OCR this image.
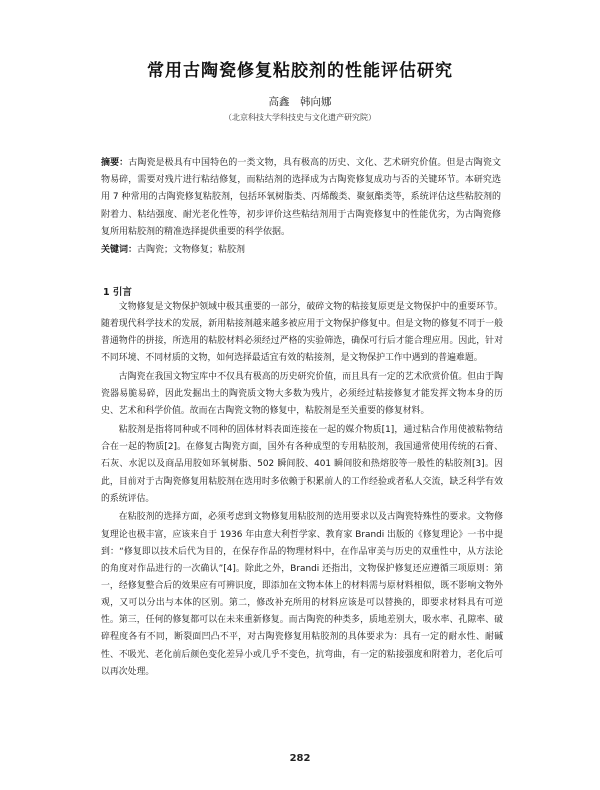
常用古陶瓷修复粘胶剂的性能评估研究
高鑫　韩向娜
（北京科技大学科技史与文化遗产研究院）
摘要：古陶瓷是极具有中国特色的一类文物，具有极高的历史、文化、艺术研究价值。但是古陶瓷文物易碎，需要对残片进行粘结修复，而粘结剂的选择成为古陶瓷修复成功与否的关键环节。本研究选用 7 种常用的古陶瓷修复粘胶剂，包括环氧树脂类、丙烯酸类、聚氨酯类等，系统评估这些粘胶剂的附着力、粘结强度、耐光老化性等，初步评价这些粘结剂用于古陶瓷修复中的性能优劣，为古陶瓷修复所用粘胶剂的精准选择提供重要的科学依据。
关键词：古陶瓷；文物修复；粘胶剂
1 引言

文物修复是文物保护领域中极其重要的一部分，破碎文物的粘接复原更是文物保护中的重要环节。随着现代科学技术的发展，新用粘接剂越来越多被应用于文物保护修复中。但是文物的修复不同于一般普通物件的拼接，所选用的粘胶材料必须经过严格的实验筛选，确保可行后才能合理应用。因此，针对不同环境、不同材质的文物，如何选择最适宜有效的粘接剂，是文物保护工作中遇到的普遍难题。

古陶瓷在我国文物宝库中不仅具有极高的历史研究价值，而且具有一定的艺术欣赏价值。但由于陶瓷器易脆易碎，因此发掘出土的陶瓷质文物大多数为残片，必须经过粘接修复才能发挥文物本身的历史、艺术和科学价值。故而在古陶瓷文物的修复中，粘胶剂是至关重要的修复材料。

粘胶剂是指将同种或不同种的固体材料表面连接在一起的媒介物质[1]，通过粘合作用使被粘物结合在一起的物质[2]。在修复古陶瓷方面，国外有各种成型的专用粘胶剂，我国通常使用传统的石膏、石灰、水泥以及商品用胶如环氧树脂、502 瞬间胶、401 瞬间胶和热熔胶等一般性的粘胶剂[3]。因此，目前对于古陶瓷修复用粘胶剂在选用时多依赖于积累前人的工作经验或者私人交流，缺乏科学有效的系统评估。

在粘胶剂的选择方面，必须考虑到文物修复用粘胶剂的选用要求以及古陶瓷特殊性的要求。文物修复理论也极丰富，应该来自于 1936 年由意大利哲学家、教育家 Brandi 出版的《修复理论》一书中提到：“修复即以技术后代为目的，在保存作品的物理材料中，在作品审美与历史的双重性中，从方法论的角度对作品进行的一次确认”[4]。除此之外，Brandi 还指出，文物保护修复还应遵循三项原则：第一，经修复整合后的效果应有可辨识度，即添加在文物本体上的材料需与原材料相似，既不影响文物外观，又可以分出与本体的区别。第二，修改补充所用的材料应该是可以替换的，即要求材料具有可逆性。第三，任何的修复都可以在未来重新修复。而古陶瓷的种类多，质地差别大，吸水率、孔隙率、破碎程度各有不同，断裂面凹凸不平，对古陶瓷修复用粘胶剂的具体要求为：具有一定的耐水性、耐碱性、不吸光、老化前后颜色变化差异小或几乎不变色，抗弯曲，有一定的粘接强度和附着力，老化后可以再次处理。

282
